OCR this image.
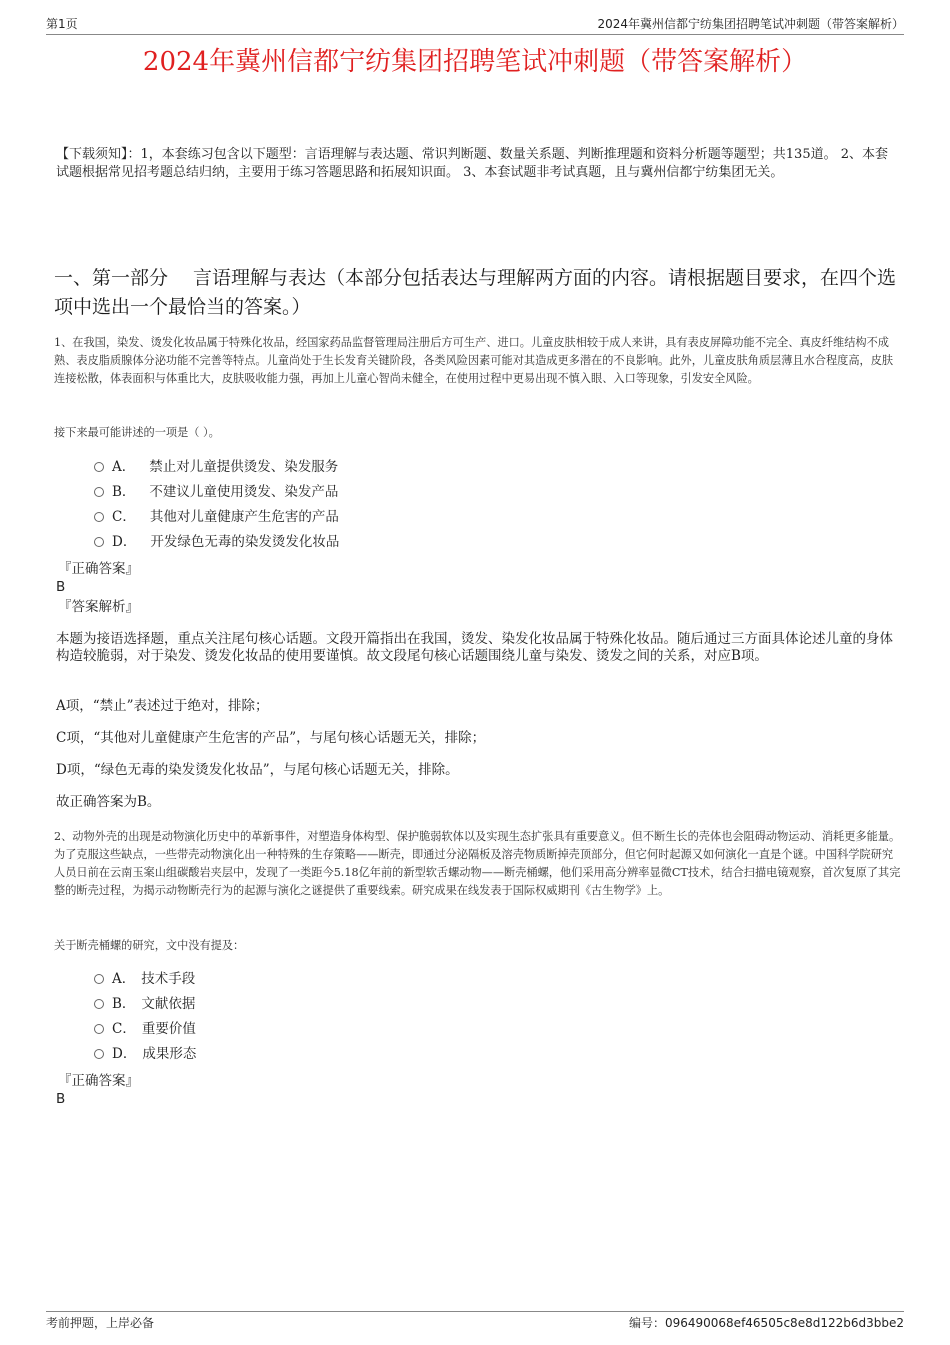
第1页	2024年冀州信都宁纺集团招聘笔试冲刺题（带答案解析）
2024年冀州信都宁纺集团招聘笔试冲刺题（带答案解析）
【下载须知】：1，本套练习包含以下题型：言语理解与表达题、常识判断题、数量关系题、判断推理题和资料分析题等题型；共135道。 2、本套试题根据常见招考题总结归纳，主要用于练习答题思路和拓展知识面。 3、本套试题非考试真题，且与冀州信都宁纺集团无关。
一、第一部分　 言语理解与表达（本部分包括表达与理解两方面的内容。请根据题目要求，在四个选项中选出一个最恰当的答案。）
1、在我国，染发、烫发化妆品属于特殊化妆品，经国家药品监督管理局注册后方可生产、进口。儿童皮肤相较于成人来讲，具有表皮屏障功能不完全、真皮纤维结构不成熟、表皮脂质腺体分泌功能不完善等特点。儿童尚处于生长发育关键阶段，各类风险因素可能对其造成更多潜在的不良影响。此外，儿童皮肤角质层薄且水合程度高，皮肤连接松散，体表面积与体重比大，皮肤吸收能力强，再加上儿童心智尚未健全，在使用过程中更易出现不慎入眼、入口等现象，引发安全风险。
接下来最可能讲述的一项是（ ）。
A． 禁止对儿童提供烫发、染发服务
B． 不建议儿童使用烫发、染发产品
C． 其他对儿童健康产生危害的产品
D． 开发绿色无毒的染发烫发化妆品
『正确答案』
B
『答案解析』
本题为接语选择题，重点关注尾句核心话题。文段开篇指出在我国，烫发、染发化妆品属于特殊化妆品。随后通过三方面具体论述儿童的身体构造较脆弱，对于染发、烫发化妆品的使用要谨慎。故文段尾句核心话题围绕儿童与染发、烫发之间的关系，对应B项。
A项，“禁止”表述过于绝对，排除；
C项，“其他对儿童健康产生危害的产品”，与尾句核心话题无关，排除；
D项，“绿色无毒的染发烫发化妆品”，与尾句核心话题无关，排除。
故正确答案为B。
2、动物外壳的出现是动物演化历史中的革新事件，对塑造身体构型、保护脆弱软体以及实现生态扩张具有重要意义。但不断生长的壳体也会阻碍动物运动、消耗更多能量。为了克服这些缺点，一些带壳动物演化出一种特殊的生存策略——断壳，即通过分泌隔板及溶壳物质断掉壳顶部分，但它何时起源又如何演化一直是个谜。中国科学院研究人员日前在云南玉案山组碳酸岩夹层中，发现了一类距今5.18亿年前的新型软舌螺动物——断壳桶螺，他们采用高分辨率显微CT技术，结合扫描电镜观察，首次复原了其完整的断壳过程，为揭示动物断壳行为的起源与演化之谜提供了重要线索。研究成果在线发表于国际权威期刊《古生物学》上。
关于断壳桶螺的研究，文中没有提及：
A． 技术手段
B． 文献依据
C． 重要价值
D． 成果形态
『正确答案』
B
考前押题，上岸必备	编号：096490068ef46505c8e8d122b6d3bbe2
